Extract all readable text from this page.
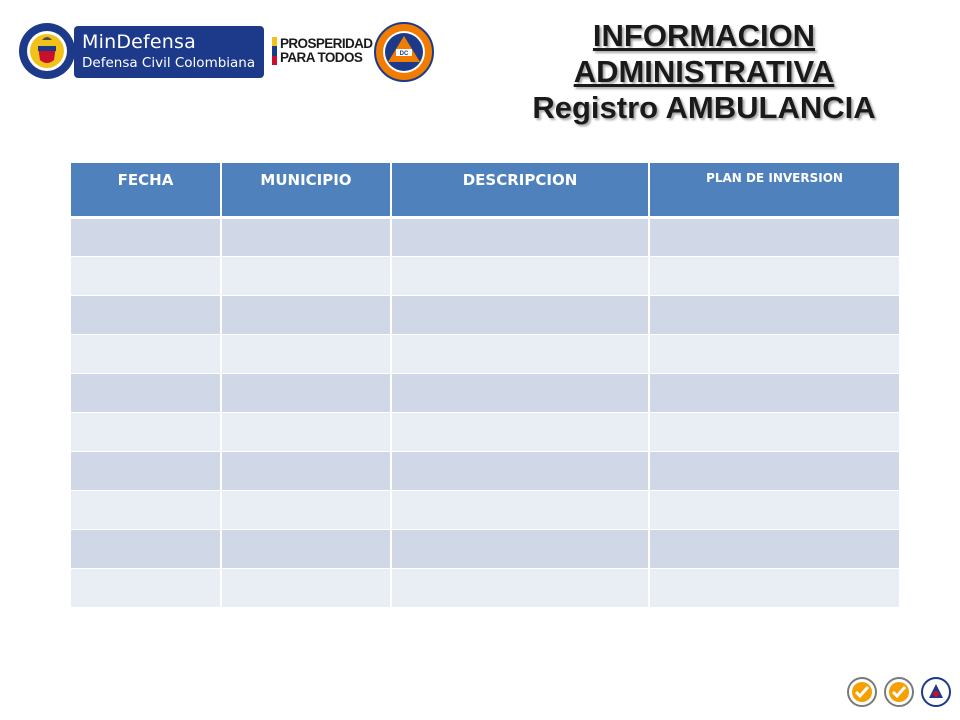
MinDefensa
Defensa Civil Colombiana
PROSPERIDAD
PARA TODOS	DC
INFORMACION
ADMINISTRATIVA
Registro AMBULANCIA
FECHA	MUNICIPIO	DESCRIPCION	PLAN DE INVERSION
